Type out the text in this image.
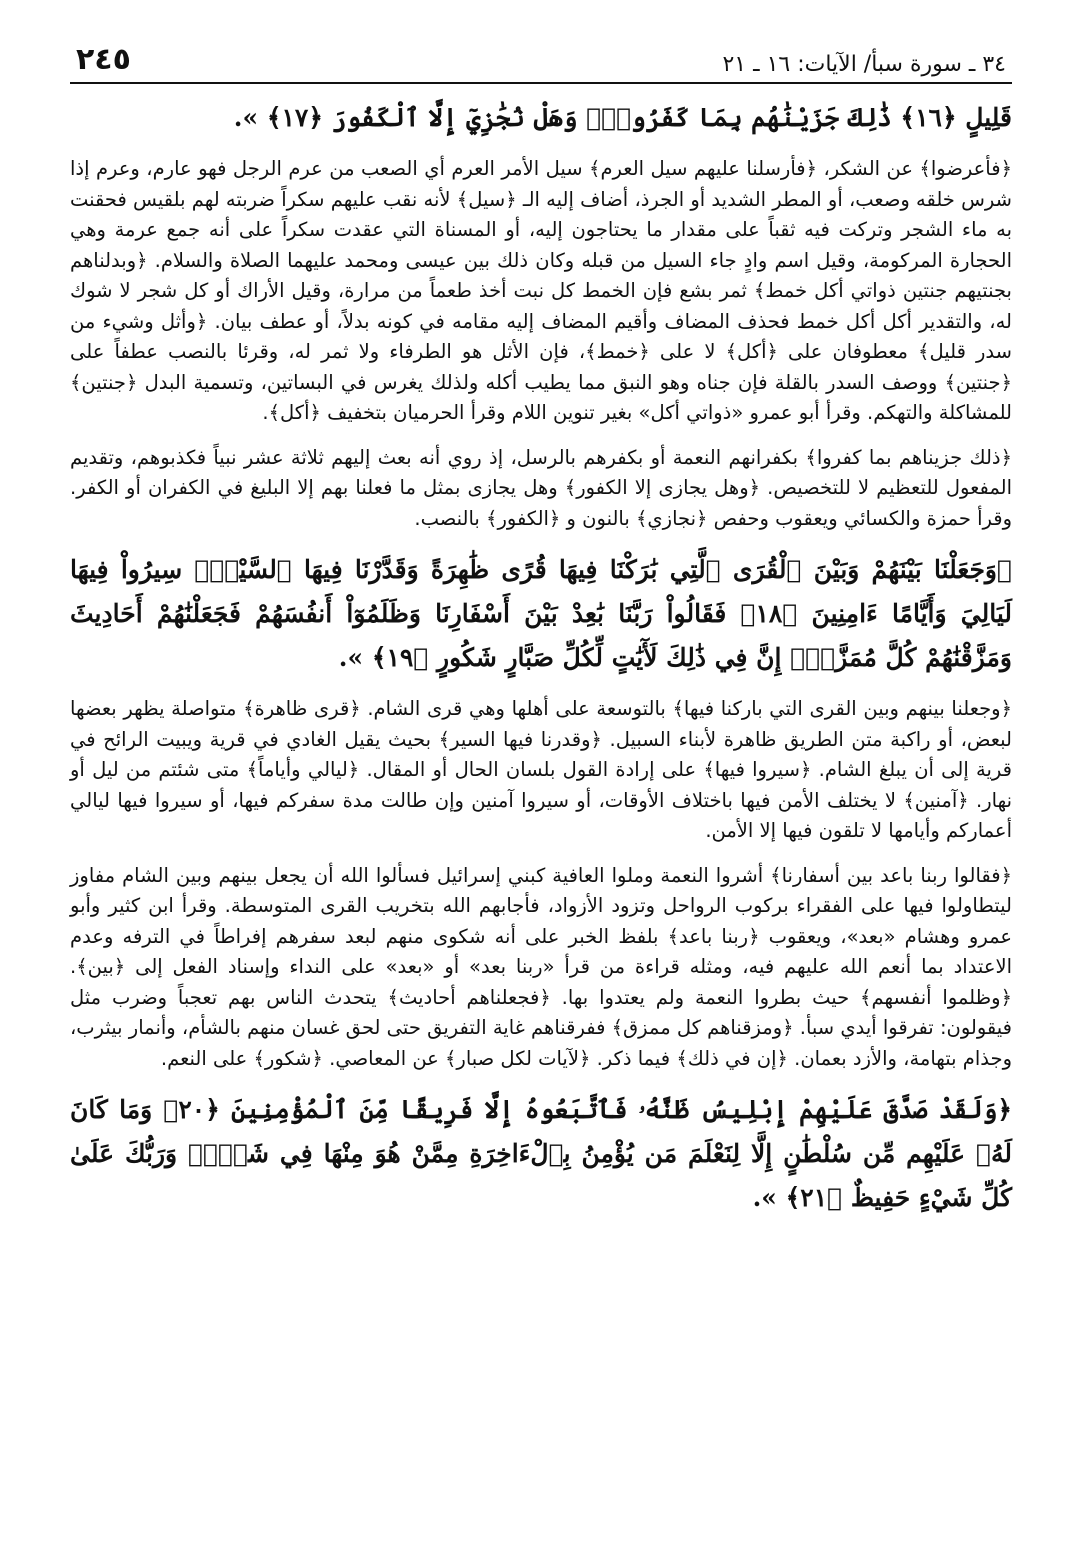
٢٤٥	٣٤ ـ سورة سبأ/ الآيات: ١٦ ـ ٢١

قَلِيلٍ ﴿١٦﴾ ذَٰلِكَ جَزَيْنَٰهُم بِمَا كَفَرُواْۖ وَهَلْ نُجَٰزِيٓ إِلَّا ٱلْكَفُورَ ﴿١٧﴾ ».

﴿فأعرضوا﴾ عن الشكر، ﴿فأرسلنا عليهم سيل العرم﴾ سيل الأمر العرم أي الصعب من عرم الرجل فهو عارم، وعرم إذا شرس خلقه وصعب، أو المطر الشديد أو الجرذ، أضاف إليه الـ ﴿سيل﴾ لأنه نقب عليهم سكراً ضربته لهم بلقيس فحقنت به ماء الشجر وتركت فيه ثقباً على مقدار ما يحتاجون إليه، أو المسناة التي عقدت سكراً على أنه جمع عرمة وهي الحجارة المركومة، وقيل اسم وادٍ جاء السيل من قبله وكان ذلك بين عيسى ومحمد عليهما الصلاة والسلام. ﴿وبدلناهم بجنتيهم جنتين ذواتي أكل خمط﴾ ثمر بشع فإن الخمط كل نبت أخذ طعماً من مرارة، وقيل الأراك أو كل شجر لا شوك له، والتقدير أكل أكل خمط فحذف المضاف وأقيم المضاف إليه مقامه في كونه بدلاً، أو عطف بيان. ﴿وأثل وشيء من سدر قليل﴾ معطوفان على ﴿أكل﴾ لا على ﴿خمط﴾، فإن الأثل هو الطرفاء ولا ثمر له، وقرئا بالنصب عطفاً على ﴿جنتين﴾ ووصف السدر بالقلة فإن جناه وهو النبق مما يطيب أكله ولذلك يغرس في البساتين، وتسمية البدل ﴿جنتين﴾ للمشاكلة والتهكم. وقرأ أبو عمرو «ذواتي أكل» بغير تنوين اللام وقرأ الحرميان بتخفيف ﴿أكل﴾.

﴿ذلك جزيناهم بما كفروا﴾ بكفرانهم النعمة أو بكفرهم بالرسل، إذ روي أنه بعث إليهم ثلاثة عشر نبياً فكذبوهم، وتقديم المفعول للتعظيم لا للتخصيص. ﴿وهل يجازى إلا الكفور﴾ وهل يجازى بمثل ما فعلنا بهم إلا البليغ في الكفران أو الكفر. وقرأ حمزة والكسائي ويعقوب وحفص ﴿نجازي﴾ بالنون و ﴿الكفور﴾ بالنصب.

﴿وَجَعَلْنَا بَيْنَهُمْ وَبَيْنَ ٱلْقُرَى ٱلَّتِي بَٰرَكْنَا فِيهَا قُرًى ظَٰهِرَةً وَقَدَّرْنَا فِيهَا ٱلسَّيْرَۖ سِيرُواْ فِيهَا لَيَالِيَ وَأَيَّامًا ءَامِنِينَ ﴿١٨﴾ فَقَالُواْ رَبَّنَا بَٰعِدْ بَيْنَ أَسْفَارِنَا وَظَلَمُوٓاْ أَنفُسَهُمْ فَجَعَلْنَٰهُمْ أَحَادِيثَ وَمَزَّقْنَٰهُمْ كُلَّ مُمَزَّقٍۚ إِنَّ فِي ذَٰلِكَ لَأٓيَٰتٍ لِّكُلِّ صَبَّارٍ شَكُورٍ ﴿١٩﴾ ».

﴿وجعلنا بينهم وبين القرى التي باركنا فيها﴾ بالتوسعة على أهلها وهي قرى الشام. ﴿قرى ظاهرة﴾ متواصلة يظهر بعضها لبعض، أو راكبة متن الطريق ظاهرة لأبناء السبيل. ﴿وقدرنا فيها السير﴾ بحيث يقيل الغادي في قرية ويبيت الرائح في قرية إلى أن يبلغ الشام. ﴿سيروا فيها﴾ على إرادة القول بلسان الحال أو المقال. ﴿ليالي وأياماً﴾ متى شئتم من ليل أو نهار. ﴿آمنين﴾ لا يختلف الأمن فيها باختلاف الأوقات، أو سيروا آمنين وإن طالت مدة سفركم فيها، أو سيروا فيها ليالي أعماركم وأيامها لا تلقون فيها إلا الأمن.

﴿فقالوا ربنا باعد بين أسفارنا﴾ أشروا النعمة وملوا العافية كبني إسرائيل فسألوا الله أن يجعل بينهم وبين الشام مفاوز ليتطاولوا فيها على الفقراء بركوب الرواحل وتزود الأزواد، فأجابهم الله بتخريب القرى المتوسطة. وقرأ ابن كثير وأبو عمرو وهشام «بعد»، ويعقوب ﴿ربنا باعد﴾ بلفظ الخبر على أنه شكوى منهم لبعد سفرهم إفراطاً في الترفه وعدم الاعتداد بما أنعم الله عليهم فيه، ومثله قراءة من قرأ «ربنا بعد» أو «بعد» على النداء وإسناد الفعل إلى ﴿بين﴾. ﴿وظلموا أنفسهم﴾ حيث بطروا النعمة ولم يعتدوا بها. ﴿فجعلناهم أحاديث﴾ يتحدث الناس بهم تعجباً وضرب مثل فيقولون: تفرقوا أيدي سبأ. ﴿ومزقناهم كل ممزق﴾ ففرقناهم غاية التفريق حتى لحق غسان منهم بالشأم، وأنمار بيثرب، وجذام بتهامة، والأزد بعمان. ﴿إن في ذلك﴾ فيما ذكر. ﴿لآيات لكل صبار﴾ عن المعاصي. ﴿شكور﴾ على النعم.

﴿وَلَقَدْ صَدَّقَ عَلَيْهِمْ إِبْلِيسُ ظَنَّهُۥ فَٱتَّبَعُوهُ إِلَّا فَرِيقًا مِّنَ ٱلْمُؤْمِنِينَ ﴿٢٠﴾ وَمَا كَانَ لَهُۥ عَلَيْهِم مِّن سُلْطَٰنٍ إِلَّا لِنَعْلَمَ مَن يُؤْمِنُ بِٱلْءَاخِرَةِ مِمَّنْ هُوَ مِنْهَا فِي شَكٍّۗ وَرَبُّكَ عَلَىٰ كُلِّ شَيْءٍ حَفِيظٌ ﴿٢١﴾ ».
